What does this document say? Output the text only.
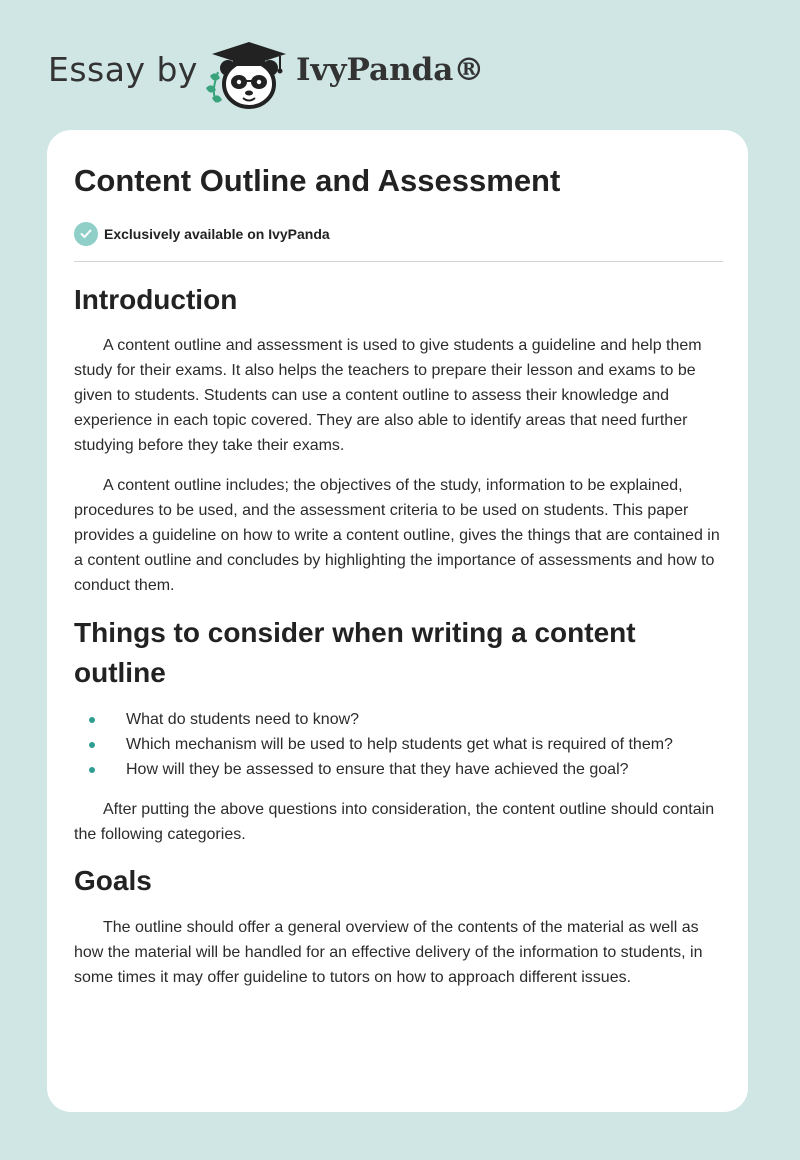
Essay by	IvyPanda®
Content Outline and Assessment
Exclusively available on IvyPanda
Introduction

A content outline and assessment is used to give students a guideline and help them study for their exams. It also helps the teachers to prepare their lesson and exams to be given to students. Students can use a content outline to assess their knowledge and experience in each topic covered. They are also able to identify areas that need further studying before they take their exams.

A content outline includes; the objectives of the study, information to be explained, procedures to be used, and the assessment criteria to be used on students. This paper provides a guideline on how to write a content outline, gives the things that are contained in a content outline and concludes by highlighting the importance of assessments and how to conduct them.

Things to consider when writing a content outline
What do students need to know?
Which mechanism will be used to help students get what is required of them?
How will they be assessed to ensure that they have achieved the goal?

After putting the above questions into consideration, the content outline should contain the following categories.

Goals

The outline should offer a general overview of the contents of the material as well as how the material will be handled for an effective delivery of the information to students, in some times it may offer guideline to tutors on how to approach different issues.
